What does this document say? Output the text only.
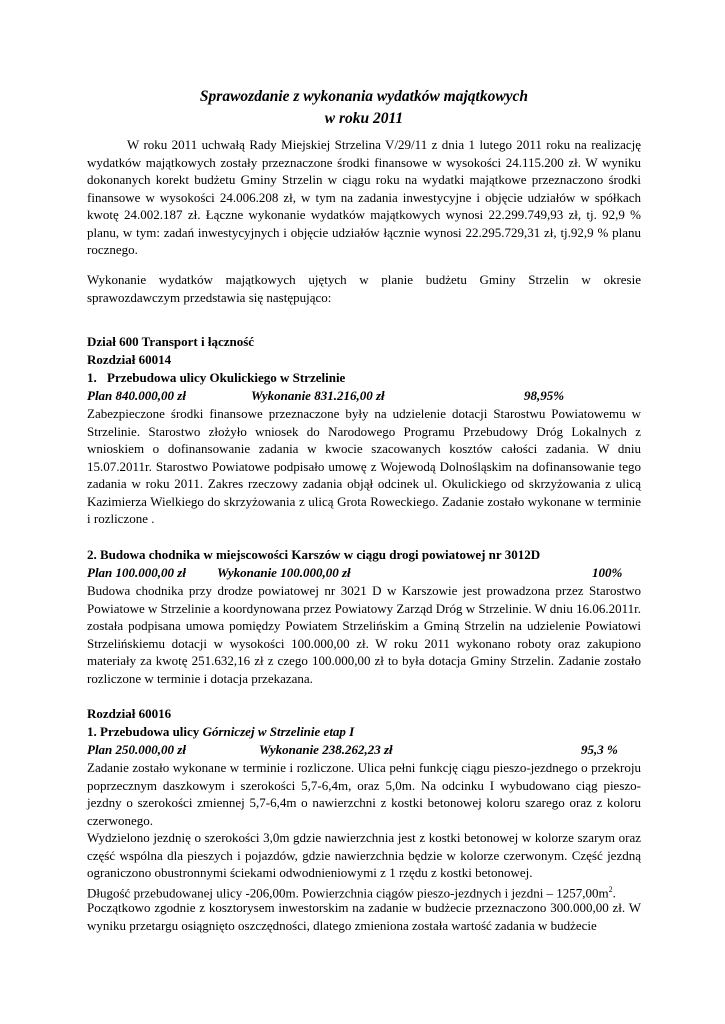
Sprawozdanie z wykonania wydatków majątkowych
w roku 2011

W roku 2011 uchwałą Rady Miejskiej Strzelina V/29/11 z dnia 1 lutego 2011 roku na realizację wydatków majątkowych zostały przeznaczone środki finansowe w wysokości 24.115.200 zł. W wyniku dokonanych korekt budżetu Gminy Strzelin w ciągu roku na wydatki majątkowe przeznaczono środki finansowe w wysokości 24.006.208 zł, w tym na zadania inwestycyjne i objęcie udziałów w spółkach kwotę 24.002.187 zł. Łączne wykonanie wydatków majątkowych wynosi 22.299.749,93 zł, tj. 92,9 % planu, w tym: zadań inwestycyjnych i objęcie udziałów łącznie wynosi 22.295.729,31 zł, tj.92,9 % planu rocznego.

Wykonanie wydatków majątkowych ujętych w planie budżetu Gminy Strzelin w okresie sprawozdawczym przedstawia się następująco:

Dział 600 Transport i łączność
Rozdział 60014
1. Przebudowa ulicy Okulickiego w Strzelinie
Plan 840.000,00 zł	Wykonanie 831.216,00 zł	98,95%

Zabezpieczone środki finansowe przeznaczone były na udzielenie dotacji Starostwu Powiatowemu w Strzelinie. Starostwo złożyło wniosek do Narodowego Programu Przebudowy Dróg Lokalnych z wnioskiem o dofinansowanie zadania w kwocie szacowanych kosztów całości zadania. W dniu 15.07.2011r. Starostwo Powiatowe podpisało umowę z Wojewodą Dolnośląskim na dofinansowanie tego zadania w roku 2011. Zakres rzeczowy zadania objął odcinek ul. Okulickiego od skrzyżowania z ulicą Kazimierza Wielkiego do skrzyżowania z ulicą Grota Roweckiego. Zadanie zostało wykonane w terminie i rozliczone .

2. Budowa chodnika w miejscowości Karszów w ciągu drogi powiatowej nr 3012D
Plan 100.000,00 zł Wykonanie 100.000,00 zł	100%

Budowa chodnika przy drodze powiatowej nr 3021 D w Karszowie jest prowadzona przez Starostwo Powiatowe w Strzelinie a koordynowana przez Powiatowy Zarząd Dróg w Strzelinie. W dniu 16.06.2011r. została podpisana umowa pomiędzy Powiatem Strzelińskim a Gminą Strzelin na udzielenie Powiatowi Strzelińskiemu dotacji w wysokości 100.000,00 zł. W roku 2011 wykonano roboty oraz zakupiono materiały za kwotę 251.632,16 zł z czego 100.000,00 zł to była dotacja Gminy Strzelin. Zadanie zostało rozliczone w terminie i dotacja przekazana.

Rozdział 60016
1. Przebudowa ulicy Górniczej w Strzelinie etap I
Plan 250.000,00 zł	Wykonanie 238.262,23 zł	95,3 %

Zadanie zostało wykonane w terminie i rozliczone. Ulica pełni funkcję ciągu pieszo-jezdnego o przekroju poprzecznym daszkowym i szerokości 5,7-6,4m, oraz 5,0m. Na odcinku I wybudowano ciąg pieszo-jezdny o szerokości zmiennej 5,7-6,4m o nawierzchni z kostki betonowej koloru szarego oraz z koloru czerwonego.

Wydzielono jezdnię o szerokości 3,0m gdzie nawierzchnia jest z kostki betonowej w kolorze szarym oraz część wspólna dla pieszych i pojazdów, gdzie nawierzchnia będzie w kolorze czerwonym. Część jezdną ograniczono obustronnymi ściekami odwodnieniowymi z 1 rzędu z kostki betonowej.

Długość przebudowanej ulicy -206,00m. Powierzchnia ciągów pieszo-jezdnych i jezdni – $1257,00m^2$.

Początkowo zgodnie z kosztorysem inwestorskim na zadanie w budżecie przeznaczono 300.000,00 zł. W wyniku przetargu osiągnięto oszczędności, dlatego zmieniona została wartość zadania w budżecie
